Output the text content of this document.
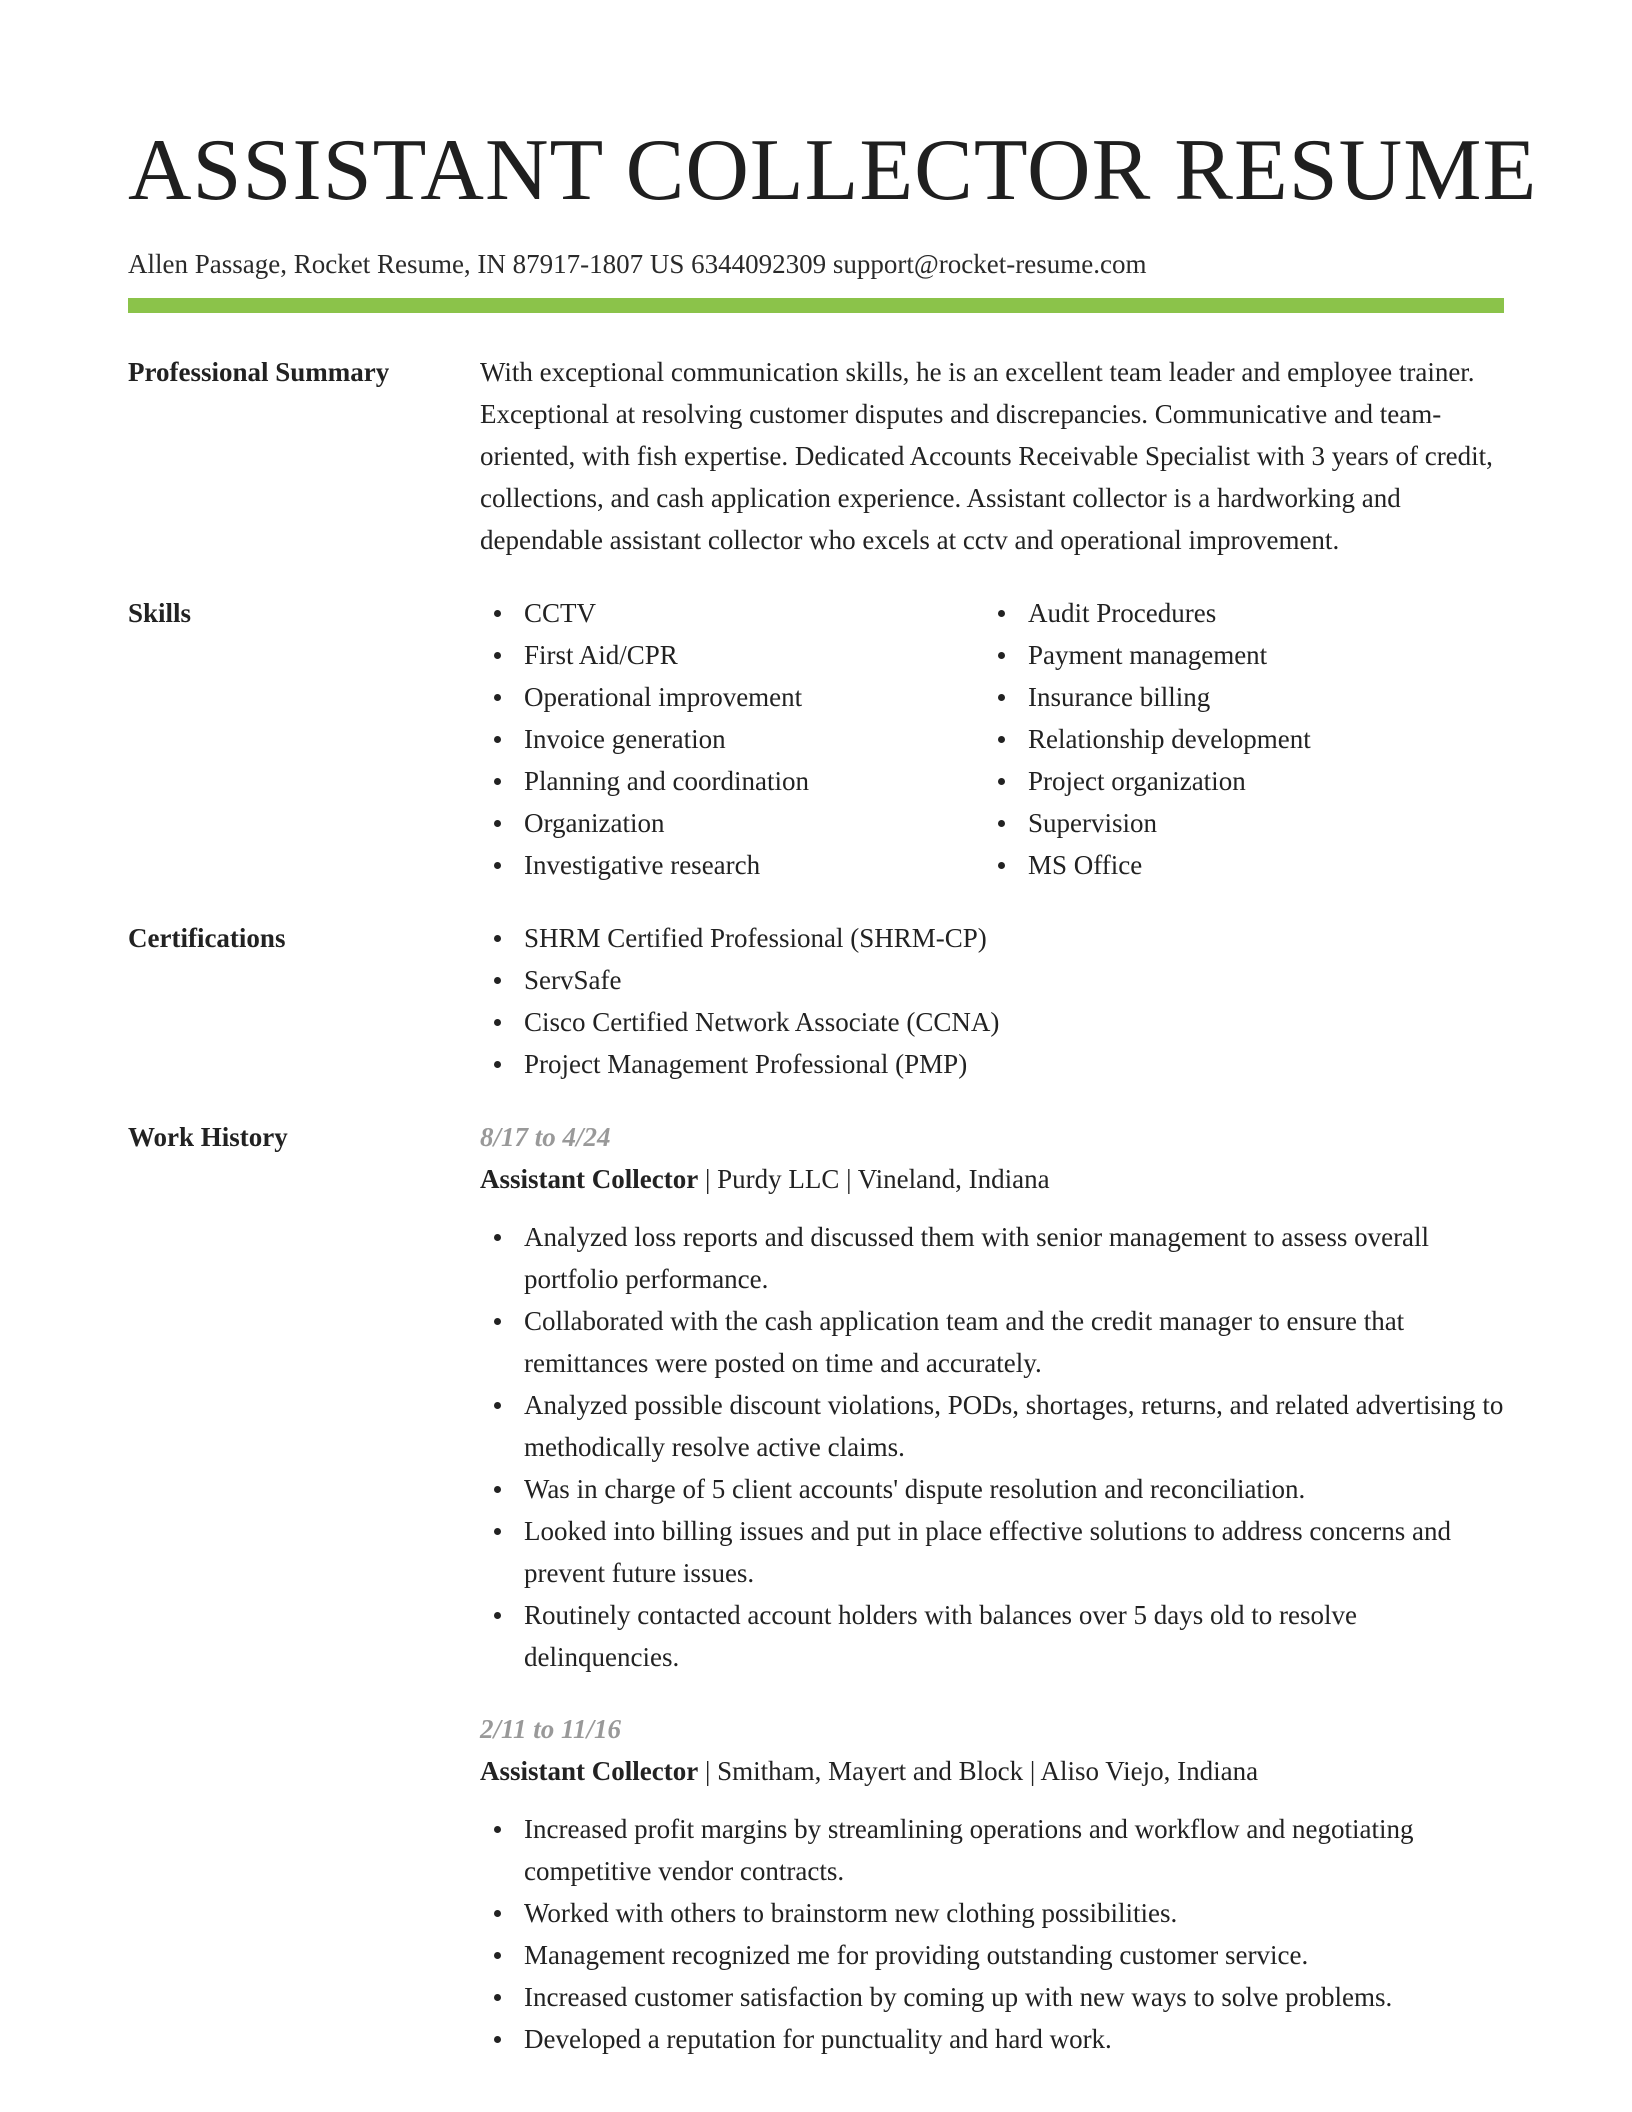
ASSISTANT COLLECTOR RESUME
Allen Passage, Rocket Resume, IN 87917-1807 US 6344092309 support@rocket-resume.com
Professional Summary	With exceptional communication skills, he is an excellent team leader and employee trainer. Exceptional at resolving customer disputes and discrepancies. Communicative and team-oriented, with fish expertise. Dedicated Accounts Receivable Specialist with 3 years of credit, collections, and cash application experience. Assistant collector is a hardworking and dependable assistant collector who excels at cctv and operational improvement.

Skills	CCTV
First Aid/CPR
Operational improvement
Invoice generation
Planning and coordination
Organization
Investigative research
Audit Procedures
Payment management
Insurance billing
Relationship development
Project organization
Supervision
MS Office
Certifications	SHRM Certified Professional (SHRM-CP)
ServSafe
Cisco Certified Network Associate (CCNA)
Project Management Professional (PMP)
Work History	8/17 to 4/24
Assistant Collector | Purdy LLC | Vineland, Indiana
Analyzed loss reports and discussed them with senior management to assess overall portfolio performance.
Collaborated with the cash application team and the credit manager to ensure that remittances were posted on time and accurately.
Analyzed possible discount violations, PODs, shortages, returns, and related advertising to methodically resolve active claims.
Was in charge of 5 client accounts' dispute resolution and reconciliation.
Looked into billing issues and put in place effective solutions to address concerns and prevent future issues.
Routinely contacted account holders with balances over 5 days old to resolve delinquencies.
2/11 to 11/16
Assistant Collector | Smitham, Mayert and Block | Aliso Viejo, Indiana
Increased profit margins by streamlining operations and workflow and negotiating competitive vendor contracts.
Worked with others to brainstorm new clothing possibilities.
Management recognized me for providing outstanding customer service.
Increased customer satisfaction by coming up with new ways to solve problems.
Developed a reputation for punctuality and hard work.
